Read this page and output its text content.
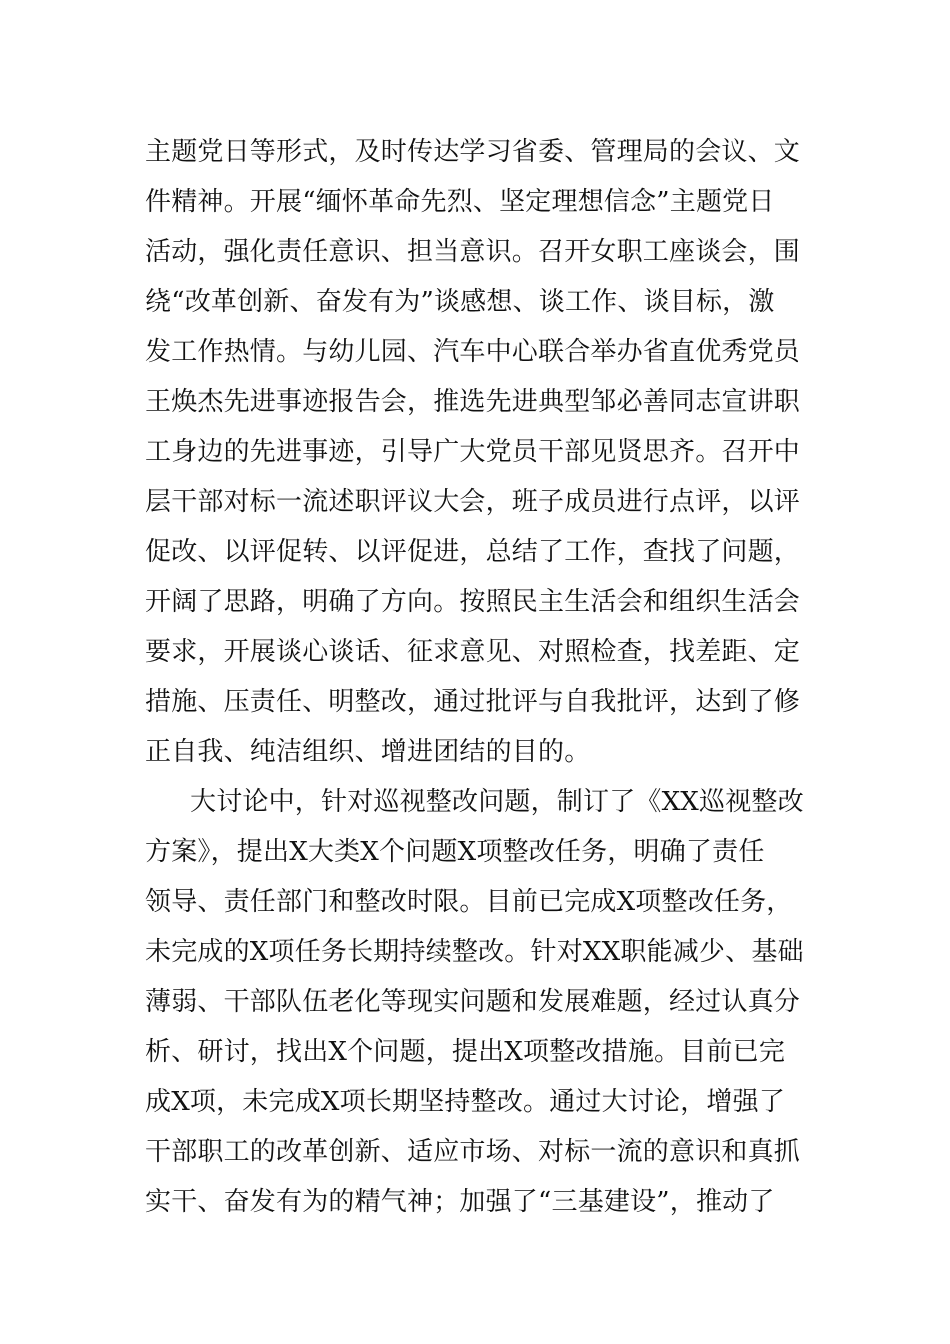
主题党日等形式，及时传达学习省委、管理局的会议、文
件精神。开展“缅怀革命先烈、坚定理想信念”主题党日
活动，强化责任意识、担当意识。召开女职工座谈会，围
绕“改革创新、奋发有为”谈感想、谈工作、谈目标，激
发工作热情。与幼儿园、汽车中心联合举办省直优秀党员
王焕杰先进事迹报告会，推选先进典型邹必善同志宣讲职
工身边的先进事迹，引导广大党员干部见贤思齐。召开中
层干部对标一流述职评议大会，班子成员进行点评，以评
促改、以评促转、以评促进，总结了工作，查找了问题，
开阔了思路，明确了方向。按照民主生活会和组织生活会
要求，开展谈心谈话、征求意见、对照检查，找差距、定
措施、压责任、明整改，通过批评与自我批评，达到了修
正自我、纯洁组织、增进团结的目的。
大讨论中，针对巡视整改问题，制订了《XX巡视整改
方案》，提出X大类X个问题X项整改任务，明确了责任
领导、责任部门和整改时限。目前已完成X项整改任务，
未完成的X项任务长期持续整改。针对XX职能减少、基础
薄弱、干部队伍老化等现实问题和发展难题，经过认真分
析、研讨，找出X个问题，提出X项整改措施。目前已完
成X项，未完成X项长期坚持整改。通过大讨论，增强了
干部职工的改革创新、适应市场、对标一流的意识和真抓
实干、奋发有为的精气神；加强了“三基建设”，推动了
